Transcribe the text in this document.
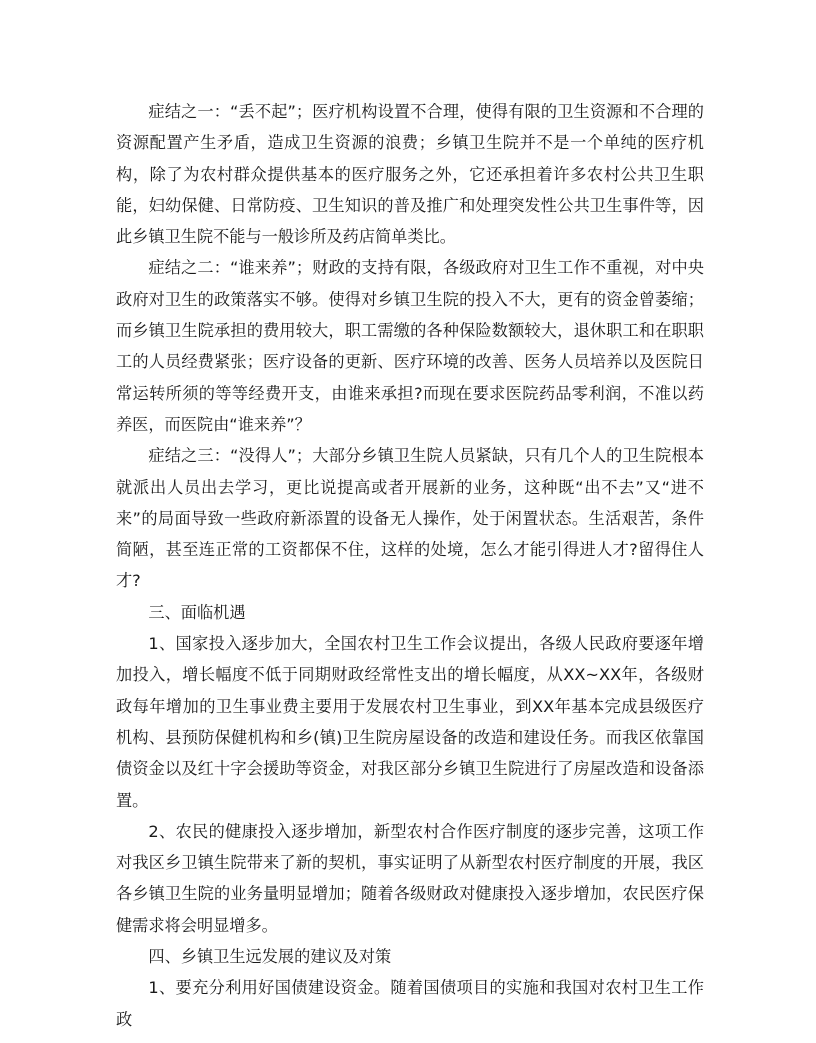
症结之一：“丢不起”；医疗机构设置不合理，使得有限的卫生资源和不合理的资源配置产生矛盾，造成卫生资源的浪费；乡镇卫生院并不是一个单纯的医疗机构，除了为农村群众提供基本的医疗服务之外，它还承担着许多农村公共卫生职能，妇幼保健、日常防疫、卫生知识的普及推广和处理突发性公共卫生事件等，因此乡镇卫生院不能与一般诊所及药店简单类比。

症结之二：“谁来养”；财政的支持有限，各级政府对卫生工作不重视，对中央政府对卫生的政策落实不够。使得对乡镇卫生院的投入不大，更有的资金曾萎缩；而乡镇卫生院承担的费用较大，职工需缴的各种保险数额较大，退休职工和在职职工的人员经费紧张；医疗设备的更新、医疗环境的改善、医务人员培养以及医院日常运转所须的等等经费开支，由谁来承担?而现在要求医院药品零利润，不准以药养医，而医院由“谁来养”？

症结之三：“没得人”；大部分乡镇卫生院人员紧缺，只有几个人的卫生院根本就派出人员出去学习，更比说提高或者开展新的业务，这种既“出不去”又“进不来”的局面导致一些政府新添置的设备无人操作，处于闲置状态。生活艰苦，条件简陋，甚至连正常的工资都保不住，这样的处境，怎么才能引得进人才?留得住人才?

三、面临机遇

1、国家投入逐步加大，全国农村卫生工作会议提出，各级人民政府要逐年增加投入，增长幅度不低于同期财政经常性支出的增长幅度，从XX~XX年，各级财政每年增加的卫生事业费主要用于发展农村卫生事业，到XX年基本完成县级医疗机构、县预防保健机构和乡(镇)卫生院房屋设备的改造和建设任务。而我区依靠国债资金以及红十字会援助等资金，对我区部分乡镇卫生院进行了房屋改造和设备添置。

2、农民的健康投入逐步增加，新型农村合作医疗制度的逐步完善，这项工作对我区乡卫镇生院带来了新的契机，事实证明了从新型农村医疗制度的开展，我区各乡镇卫生院的业务量明显增加；随着各级财政对健康投入逐步增加，农民医疗保健需求将会明显增多。

四、乡镇卫生远发展的建议及对策

1、要充分利用好国债建设资金。随着国债项目的实施和我国对农村卫生工作政
